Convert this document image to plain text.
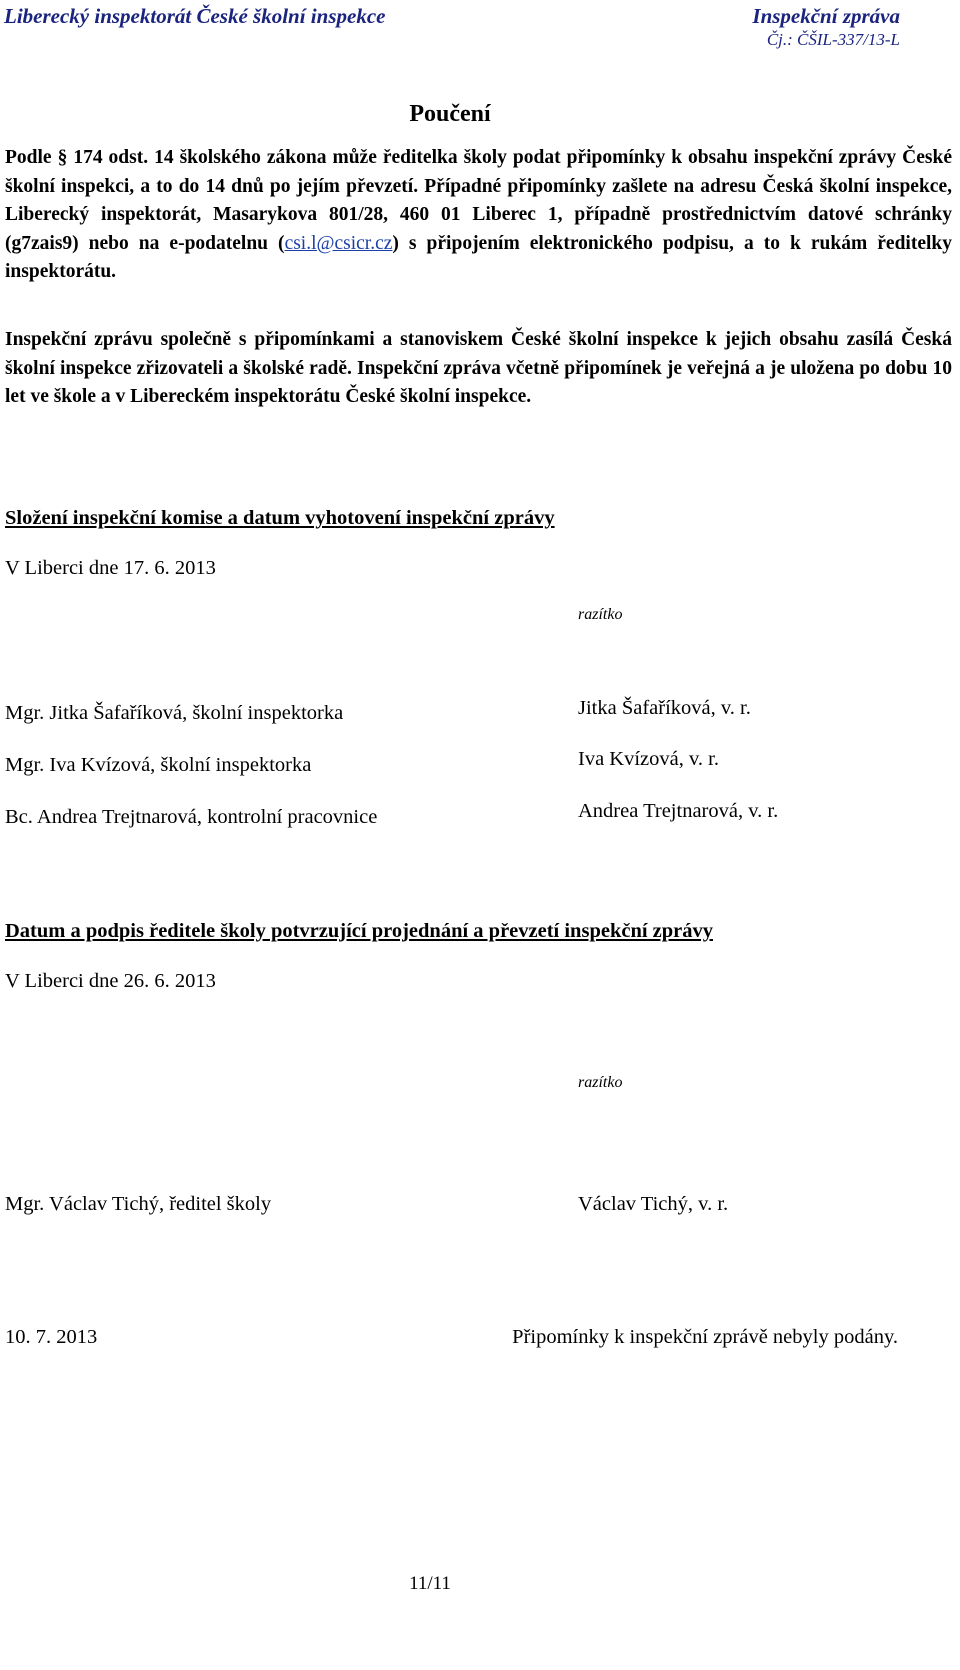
Liberecký inspektorát České školní inspekce	Inspekční zpráva
Čj.: ČŠIL-337/13-L
Poučení
Podle § 174 odst. 14 školského zákona může ředitelka školy podat připomínky k obsahu inspekční zprávy České školní inspekci, a to do 14 dnů po jejím převzetí. Případné připomínky zašlete na adresu Česká školní inspekce, Liberecký inspektorát, Masarykova 801/28, 460 01 Liberec 1, případně prostřednictvím datové schránky (g7zais9) nebo na e-podatelnu (csi.l@csicr.cz) s připojením elektronického podpisu, a to k rukám ředitelky inspektorátu.
Inspekční zprávu společně s připomínkami a stanoviskem České školní inspekce k jejich obsahu zasílá Česká školní inspekce zřizovateli a školské radě. Inspekční zpráva včetně připomínek je veřejná a je uložena po dobu 10 let ve škole a v Libereckém inspektorátu České školní inspekce.
Složení inspekční komise a datum vyhotovení inspekční zprávy
V Liberci dne 17. 6. 2013
razítko
Mgr. Jitka Šafaříková, školní inspektorka	Jitka Šafaříková, v. r.
Mgr. Iva Kvízová, školní inspektorka	Iva Kvízová, v. r.
Bc. Andrea Trejtnarová, kontrolní pracovnice	Andrea Trejtnarová, v. r.
Datum a podpis ředitele školy potvrzující projednání a převzetí inspekční zprávy
V Liberci dne 26. 6. 2013
razítko
Mgr. Václav Tichý, ředitel školy	Václav Tichý, v. r.
10. 7. 2013	Připomínky k inspekční zprávě nebyly podány.
11/11
